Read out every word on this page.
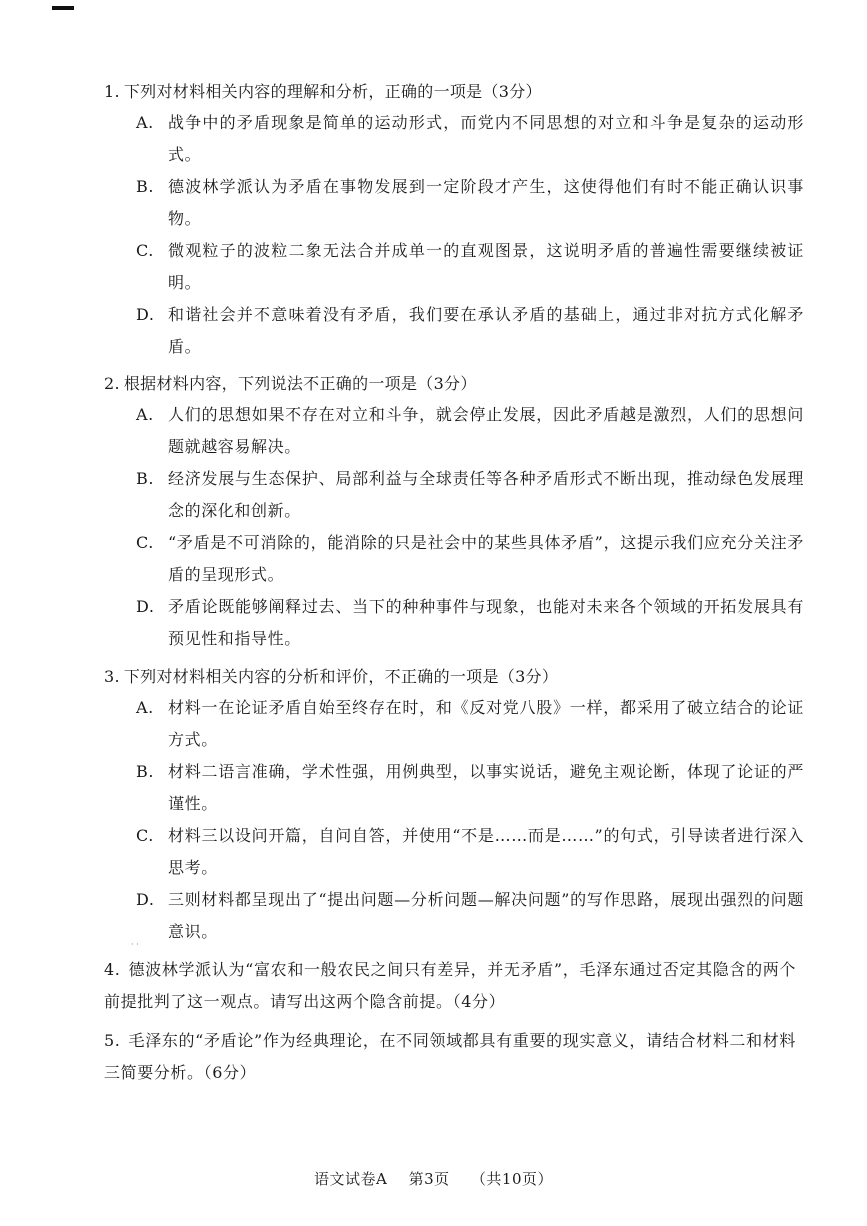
1. 下列对材料相关内容的理解和分析，正确的一项是（3分）
A. 战争中的矛盾现象是简单的运动形式，而党内不同思想的对立和斗争是复杂的运动形式。
B. 德波林学派认为矛盾在事物发展到一定阶段才产生，这使得他们有时不能正确认识事物。
C. 微观粒子的波粒二象无法合并成单一的直观图景，这说明矛盾的普遍性需要继续被证明。
D. 和谐社会并不意味着没有矛盾，我们要在承认矛盾的基础上，通过非对抗方式化解矛盾。
2. 根据材料内容，下列说法不正确的一项是（3分）
A. 人们的思想如果不存在对立和斗争，就会停止发展，因此矛盾越是激烈，人们的思想问题就越容易解决。
B. 经济发展与生态保护、局部利益与全球责任等各种矛盾形式不断出现，推动绿色发展理念的深化和创新。
C. “矛盾是不可消除的，能消除的只是社会中的某些具体矛盾”，这提示我们应充分关注矛盾的呈现形式。
D. 矛盾论既能够阐释过去、当下的种种事件与现象，也能对未来各个领域的开拓发展具有预见性和指导性。
3. 下列对材料相关内容的分析和评价，不正确的一项是（3分）
A. 材料一在论证矛盾自始至终存在时，和《反对党八股》一样，都采用了破立结合的论证方式。
B. 材料二语言准确，学术性强，用例典型，以事实说话，避免主观论断，体现了论证的严谨性。
C. 材料三以设问开篇，自问自答，并使用“不是……而是……”的句式，引导读者进行深入思考。
D. 三则材料都呈现出了“提出问题—分析问题—解决问题”的写作思路，展现出强烈的问题意识。
· ·
4. 德波林学派认为“富农和一般农民之间只有差异，并无矛盾”，毛泽东通过否定其隐含的两个前提批判了这一观点。请写出这两个隐含前提。（4分）
5. 毛泽东的“矛盾论”作为经典理论，在不同领域都具有重要的现实意义，请结合材料二和材料三简要分析。（6分）
语文试卷A 第3页 （共10页）
